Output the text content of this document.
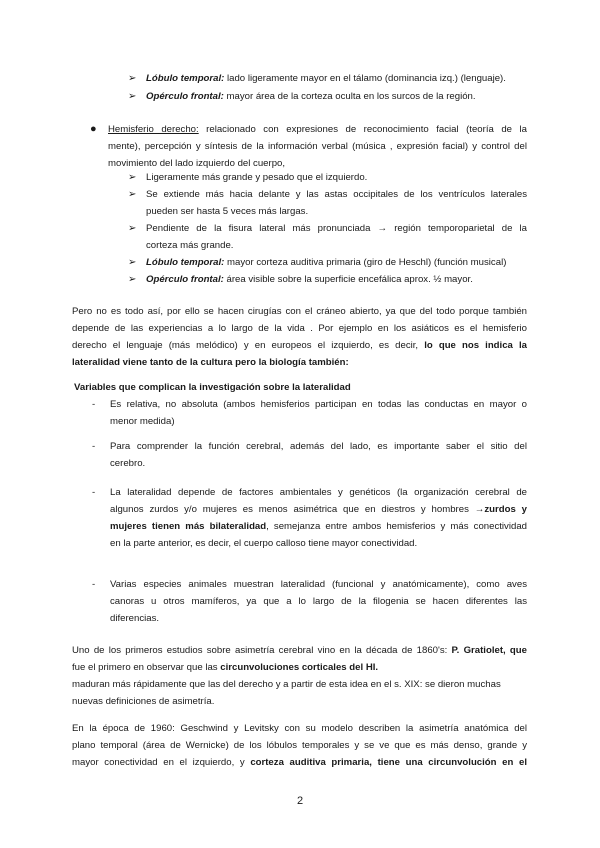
➢ Lóbulo temporal: lado ligeramente mayor en el tálamo (dominancia izq.) (lenguaje).
➢ Opérculo frontal: mayor área de la corteza oculta en los surcos de la región.
● Hemisferio derecho: relacionado con expresiones de reconocimiento facial (teoría de la
mente), percepción y síntesis de la información verbal (música , expresión facial) y control del
movimiento del lado izquierdo del cuerpo,
➢ Ligeramente más grande y pesado que el izquierdo.
➢ Se extiende más hacia delante y las astas occipitales de los ventrículos laterales
pueden ser hasta 5 veces más largas.
➢ Pendiente de la fisura lateral más pronunciada → región temporoparietal de la
corteza más grande.
➢ Lóbulo temporal: mayor corteza auditiva primaria (giro de Heschl) (función musical)
➢ Opérculo frontal: área visible sobre la superficie encefálica aprox. ½ mayor.
Pero no es todo así, por ello se hacen cirugías con el cráneo abierto, ya que del todo porque también
depende de las experiencias a lo largo de la vida . Por ejemplo en los asiáticos es el hemisferio
derecho el lenguaje (más melódico) y en europeos el izquierdo, es decir, lo que nos indica la
lateralidad viene tanto de la cultura pero la biología también:
Variables que complican la investigación sobre la lateralidad
- Es relativa, no absoluta (ambos hemisferios participan en todas las conductas en mayor o
menor medida)
- Para comprender la función cerebral, además del lado, es importante saber el sitio del
cerebro.
- La lateralidad depende de factores ambientales y genéticos (la organización cerebral de
algunos zurdos y/o mujeres es menos asimétrica que en diestros y hombres →zurdos y
mujeres tienen más bilateralidad, semejanza entre ambos hemisferios y más conectividad
en la parte anterior, es decir, el cuerpo calloso tiene mayor conectividad.
- Varias especies animales muestran lateralidad (funcional y anatómicamente), como aves
canoras u otros mamíferos, ya que a lo largo de la filogenia se hacen diferentes las
diferencias.
Uno de los primeros estudios sobre asimetría cerebral vino en la década de 1860's: P. Gratiolet, que
fue el primero en observar que las circunvoluciones corticales del HI.
maduran más rápidamente que las del derecho y a partir de esta idea en el s. XIX: se dieron muchas
nuevas definiciones de asimetría.
En la época de 1960: Geschwind y Levitsky con su modelo describen la asimetría anatómica del
plano temporal (área de Wernicke) de los lóbulos temporales y se ve que es más denso, grande y
mayor conectividad en el izquierdo, y corteza auditiva primaria, tiene una circunvolución en el
2
